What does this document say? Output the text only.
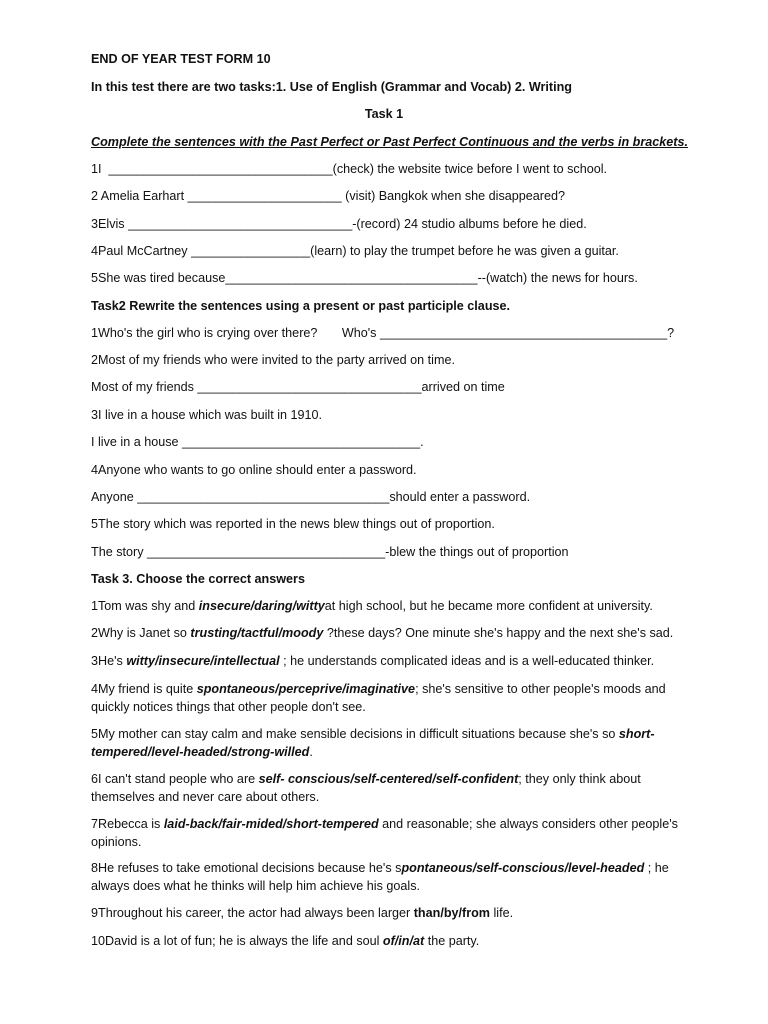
END OF YEAR TEST FORM 10
In this test there are two tasks:1. Use of English (Grammar and Vocab) 2. Writing
Task 1
Complete the sentences with the Past Perfect or Past Perfect Continuous and the verbs in brackets.
1I  ________________________________(check) the website twice before I went to school.
2 Amelia Earhart ______________________ (visit) Bangkok when she disappeared?
3Elvis ________________________________-(record) 24 studio albums before he died.
4Paul McCartney _________________(learn) to play the trumpet before he was given a guitar.
5She was tired because____________________________________--(watch) the news for hours.
Task2 Rewrite the sentences using a present or past participle clause.
1Who's the girl who is crying over there?       Who's _________________________________________?
2Most of my friends who were invited to the party arrived on time.
Most of my friends ________________________________arrived on time
3I live in a house which was built in 1910.
I live in a house __________________________________.
4Anyone who wants to go online should enter a password.
Anyone ____________________________________should enter a password.
5The story which was reported in the news blew things out of proportion.
The story __________________________________-blew the things out of proportion
Task 3. Choose the correct answers
1Tom was shy and insecure/daring/wittyat high school, but he became more confident at university.
2Why is Janet so trusting/tactful/moody ?these days? One minute she's happy and the next she's sad.
3He's witty/insecure/intellectual ; he understands complicated ideas and is a well-educated thinker.
4My friend is quite spontaneous/perceprive/imaginative; she's sensitive to other people's moods and quickly notices things that other people don't see.
5My mother can stay calm and make sensible decisions in difficult situations because she's so short-tempered/level-headed/strong-willed.
6I can't stand people who are self- conscious/self-centered/self-confident; they only think about themselves and never care about others.
7Rebecca is laid-back/fair-mided/short-tempered and reasonable; she always considers other people's opinions.
8He refuses to take emotional decisions because he's spontaneous/self-conscious/level-headed ; he always does what he thinks will help him achieve his goals.
9Throughout his career, the actor had always been larger than/by/from life.
10David is a lot of fun; he is always the life and soul of/in/at the party.
